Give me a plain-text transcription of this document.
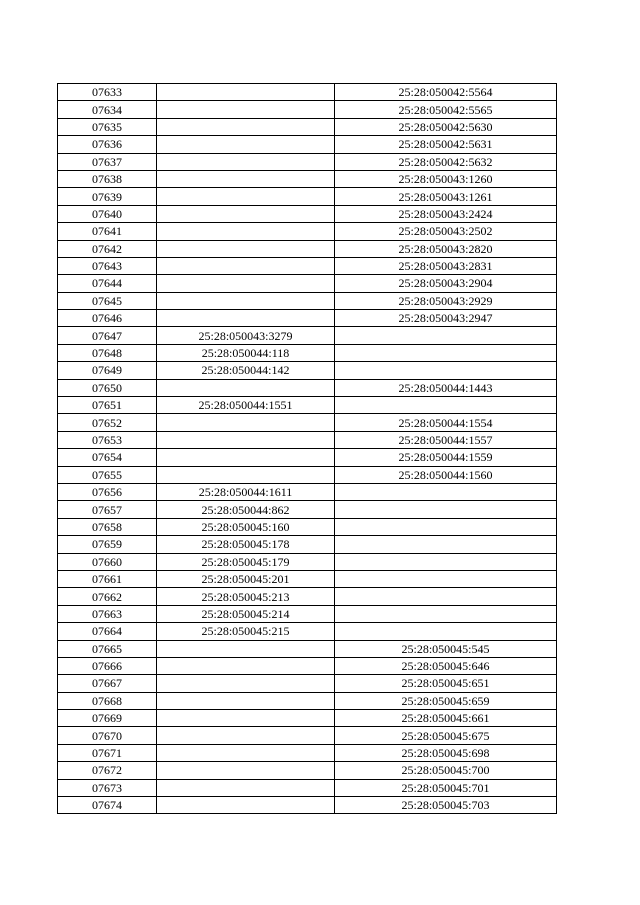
07633		25:28:050042:5564
07634		25:28:050042:5565
07635		25:28:050042:5630
07636		25:28:050042:5631
07637		25:28:050042:5632
07638		25:28:050043:1260
07639		25:28:050043:1261
07640		25:28:050043:2424
07641		25:28:050043:2502
07642		25:28:050043:2820
07643		25:28:050043:2831
07644		25:28:050043:2904
07645		25:28:050043:2929
07646		25:28:050043:2947
07647	25:28:050043:3279	
07648	25:28:050044:118	
07649	25:28:050044:142	
07650		25:28:050044:1443
07651	25:28:050044:1551	
07652		25:28:050044:1554
07653		25:28:050044:1557
07654		25:28:050044:1559
07655		25:28:050044:1560
07656	25:28:050044:1611	
07657	25:28:050044:862	
07658	25:28:050045:160	
07659	25:28:050045:178	
07660	25:28:050045:179	
07661	25:28:050045:201	
07662	25:28:050045:213	
07663	25:28:050045:214	
07664	25:28:050045:215	
07665		25:28:050045:545
07666		25:28:050045:646
07667		25:28:050045:651
07668		25:28:050045:659
07669		25:28:050045:661
07670		25:28:050045:675
07671		25:28:050045:698
07672		25:28:050045:700
07673		25:28:050045:701
07674		25:28:050045:703
